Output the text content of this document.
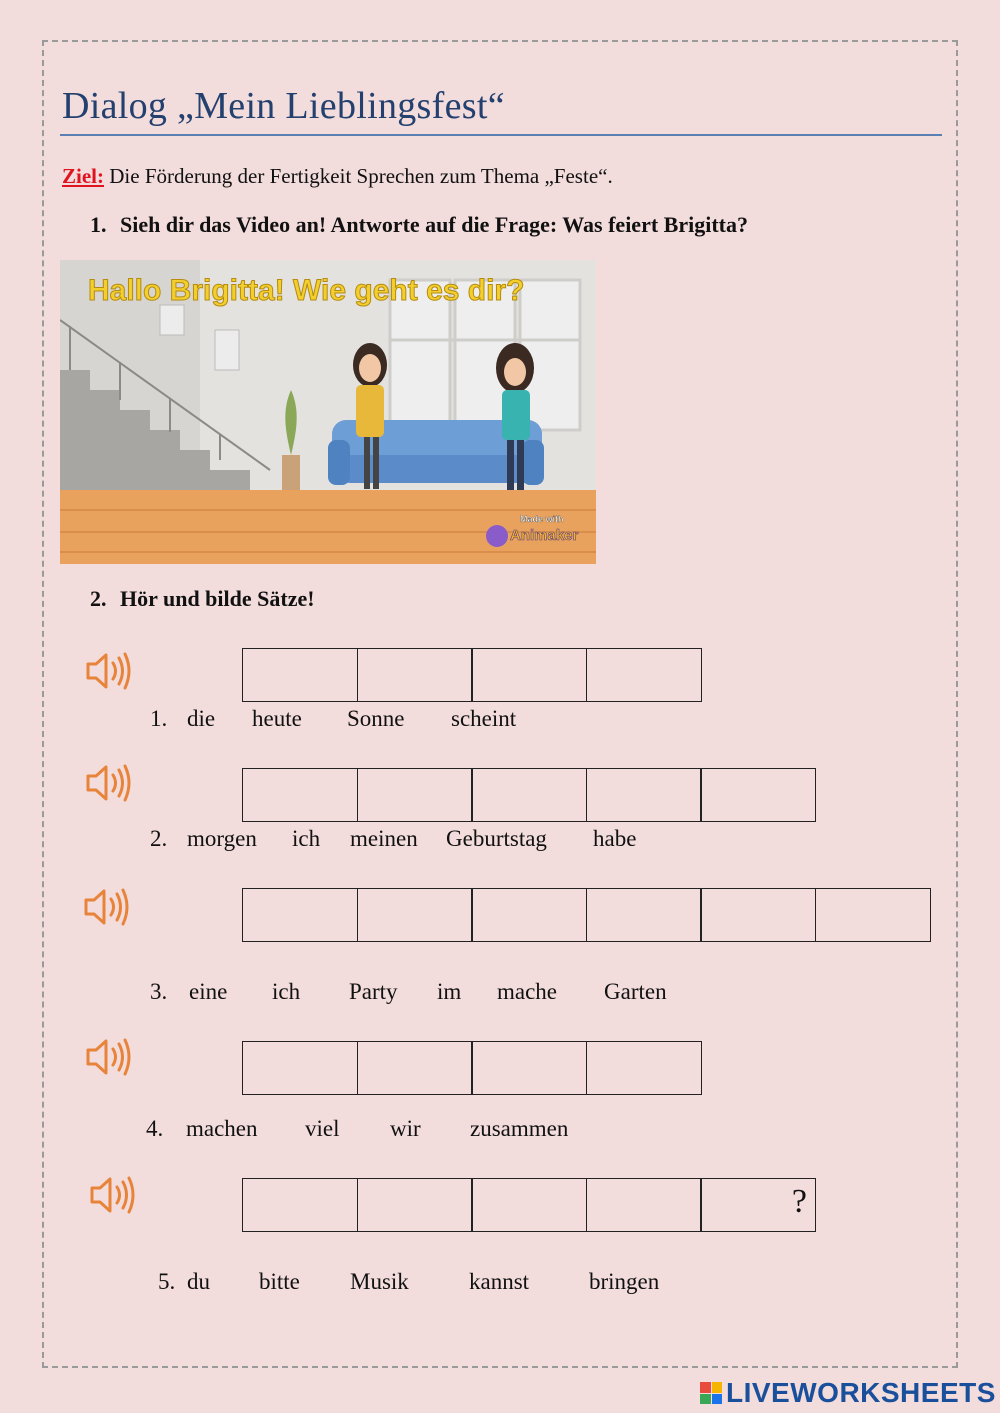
Dialog „Mein Lieblingsfest“
Ziel: Die Förderung der Fertigkeit Sprechen zum Thema „Feste“.
1. Sieh dir das Video an! Antworte auf die Frage: Was feiert Brigitta?
Hallo Brigitta! Wie geht es dir?
Made with
Animaker
2. Hör und bilde Sätze!
1. die heute Sonne scheint
2. morgen ich meinen Geburtstag habe
3. eine ich Party im mache Garten
4. machen viel wir zusammen
?
5. du bitte Musik	kannst	bringen
LIVEWORKSHEETS
